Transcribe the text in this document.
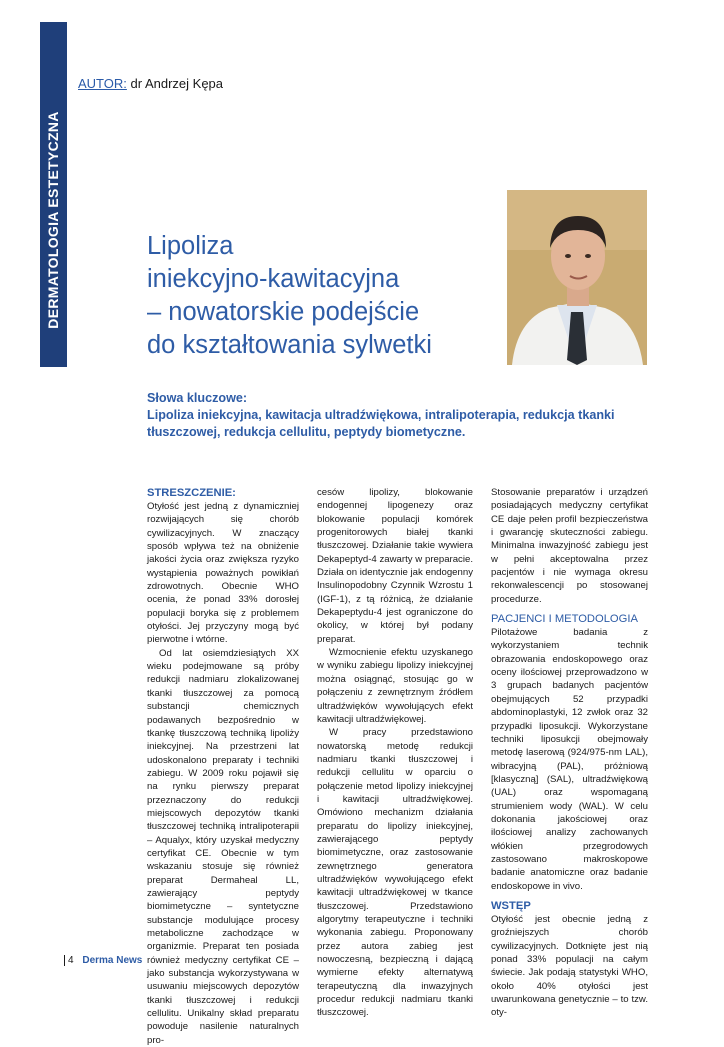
DERMATOLOGIA ESTETYCZNA
AUTOR: dr Andrzej Kępa
Lipoliza
iniekcyjno-kawitacyjna
– nowatorskie podejście
do kształtowania sylwetki
Słowa kluczowe:
Lipoliza iniekcyjna, kawitacja ultradźwiękowa, intralipoterapia, redukcja tkanki tłuszczowej, redukcja cellulitu, peptydy biometyczne.
STRESZCZENIE:

Otyłość jest jedną z dynamiczniej rozwijających się chorób cywilizacyjnych. W znaczący sposób wpływa też na obniżenie jakości życia oraz zwiększa ryzyko wystąpienia poważnych powikłań zdrowotnych. Obecnie WHO ocenia, że ponad 33% dorosłej populacji boryka się z problemem otyłości. Jej przyczyny mogą być pierwotne i wtórne.

Od lat osiemdziesiątych XX wieku podejmowane są próby redukcji nadmiaru zlokalizowanej tkanki tłuszczowej za pomocą substancji chemicznych podawanych bezpośrednio w tkankę tłuszczową techniką lipoliży iniekcyjnej. Na przestrzeni lat udoskonalono preparaty i techniki zabiegu. W 2009 roku pojawił się na rynku pierwszy preparat przeznaczony do redukcji miejscowych depozytów tkanki tłuszczowej techniką intralipoterapii – Aqualyx, który uzyskał medyczny certyfikat CE. Obecnie w tym wskazaniu stosuje się również preparat Dermaheal LL, zawierający peptydy biomimetyczne – syntetyczne substancje modulujące procesy metaboliczne zachodzące w organizmie. Preparat ten posiada również medyczny certyfikat CE – jako substancja wykorzystywana w usuwaniu miejscowych depozytów tkanki tłuszczowej i redukcji cellulitu. Unikalny skład preparatu powoduje nasilenie naturalnych pro-

cesów lipolizy, blokowanie endogennej lipogenezy oraz blokowanie populacji komórek progenitorowych białej tkanki tłuszczowej. Działanie takie wywiera Dekapeptyd-4 zawarty w preparacie. Działa on identycznie jak endogenny Insulinopodobny Czynnik Wzrostu 1 (IGF-1), z tą różnicą, że działanie Dekapeptydu-4 jest ograniczone do okolicy, w której był podany preparat.

Wzmocnienie efektu uzyskanego w wyniku zabiegu lipolizy iniekcyjnej można osiągnąć, stosując go w połączeniu z zewnętrznym źródłem ultradźwięków wywołujących efekt kawitacji ultradźwiękowej.

W pracy przedstawiono nowatorską metodę redukcji nadmiaru tkanki tłuszczowej i redukcji cellulitu w oparciu o połączenie metod lipolizy iniekcyjnej i kawitacji ultradźwiękowej. Omówiono mechanizm działania preparatu do lipolizy iniekcyjnej, zawierającego peptydy biomimetyczne, oraz zastosowanie zewnętrznego generatora ultradźwięków wywołującego efekt kawitacji ultradźwiękowej w tkance tłuszczowej. Przedstawiono algorytmy terapeutyczne i techniki wykonania zabiegu. Proponowany przez autora zabieg jest nowoczesną, bezpieczną i dającą wymierne efekty alternatywą terapeutyczną dla inwazyjnych procedur redukcji nadmiaru tkanki tłuszczowej.

Stosowanie preparatów i urządzeń posiadających medyczny certyfikat CE daje pełen profil bezpieczeństwa i gwarancję skuteczności zabiegu. Minimalna inwazyjność zabiegu jest w pełni akceptowalna przez pacjentów i nie wymaga okresu rekonwalescencji po stosowanej procedurze.

PACJENCI I METODOLOGIA

Pilotażowe badania z wykorzystaniem technik obrazowania endoskopowego oraz oceny ilościowej przeprowadzono w 3 grupach badanych pacjentów obejmujących 52 przypadki abdominoplastyki, 12 zwłok oraz 32 przypadki liposukcji. Wykorzystane techniki liposukcji obejmowały metodę laserową (924/975-nm LAL), wibracyjną (PAL), próżniową [klasyczną] (SAL), ultradźwiękową (UAL) oraz wspomaganą strumieniem wody (WAL). W celu dokonania jakościowej oraz ilościowej analizy zachowanych włókien przegrodowych zastosowano makroskopowe badanie anatomiczne oraz badanie endoskopowe in vivo.

WSTĘP

Otyłość jest obecnie jedną z groźniejszych chorób cywilizacyjnych. Dotknięte jest nią ponad 33% populacji na całym świecie. Jak podają statystyki WHO, około 40% otyłości jest uwarunkowana genetycznie – to tzw. oty-

4 Derma News
